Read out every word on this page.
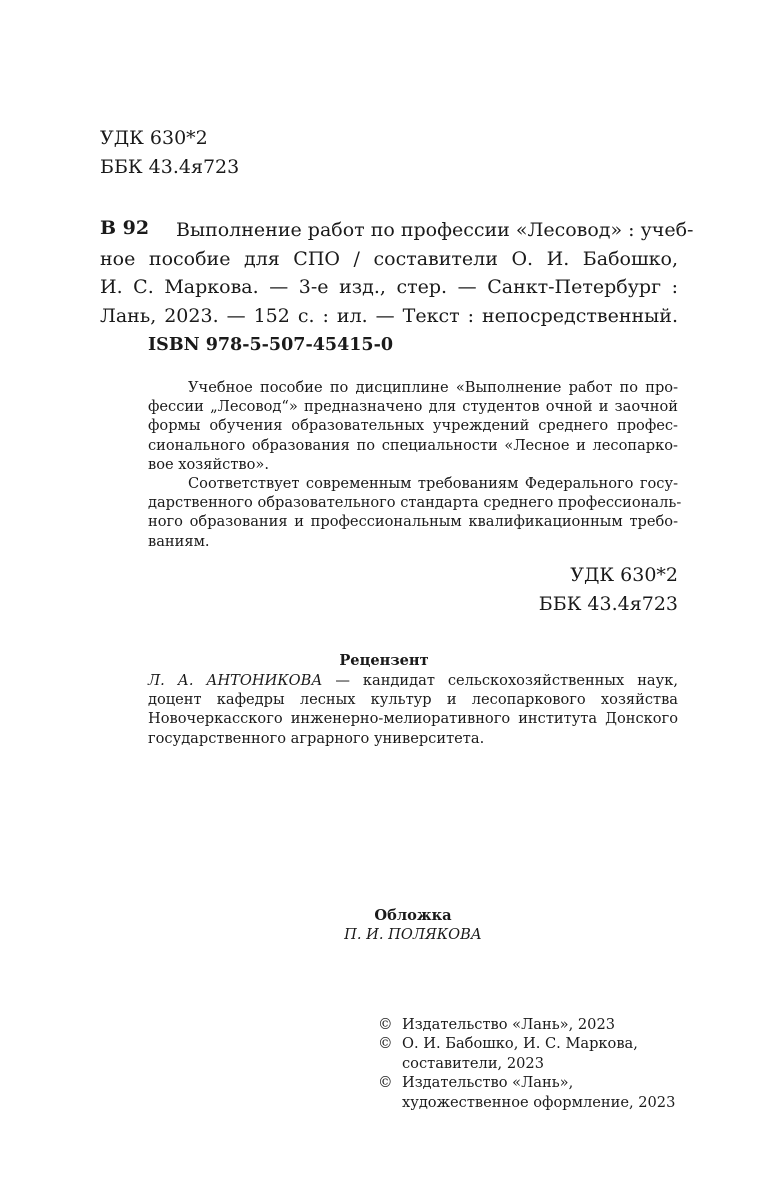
УДК 630*2
ББК 43.4я723
В 92	Выполнение работ по профессии «Лесовод» : учеб-
ное пособие для СПО / составители О. И. Бабошко,
И. С. Маркова. — 3-е изд., стер. — Санкт-Петербург :
Лань, 2023. — 152 с. : ил. — Текст : непосредственный.
ISBN 978-5-507-45415-0
Учебное пособие по дисциплине «Выполнение работ по про-
фессии „Лесовод“» предназначено для студентов очной и заочной
формы обучения образовательных учреждений среднего профес-
сионального образования по специальности «Лесное и лесопарко-
вое хозяйство».
Соответствует современным требованиям Федерального госу-
дарственного образовательного стандарта среднего профессиональ-
ного образования и профессиональным квалификационным требо-
ваниям.
УДК 630*2
ББК 43.4я723
Рецензент
Л. А. АНТОНИКОВА — кандидат сельскохозяйственных наук,
доцент кафедры лесных культур и лесопаркового хозяйства
Новочеркасского инженерно-мелиоративного института Донского
государственного аграрного университета.
Обложка
П. И. ПОЛЯКОВА
© Издательство «Лань», 2023
© О. И. Бабошко, И. С. Маркова,
составители, 2023
© Издательство «Лань»,
художественное оформление, 2023
